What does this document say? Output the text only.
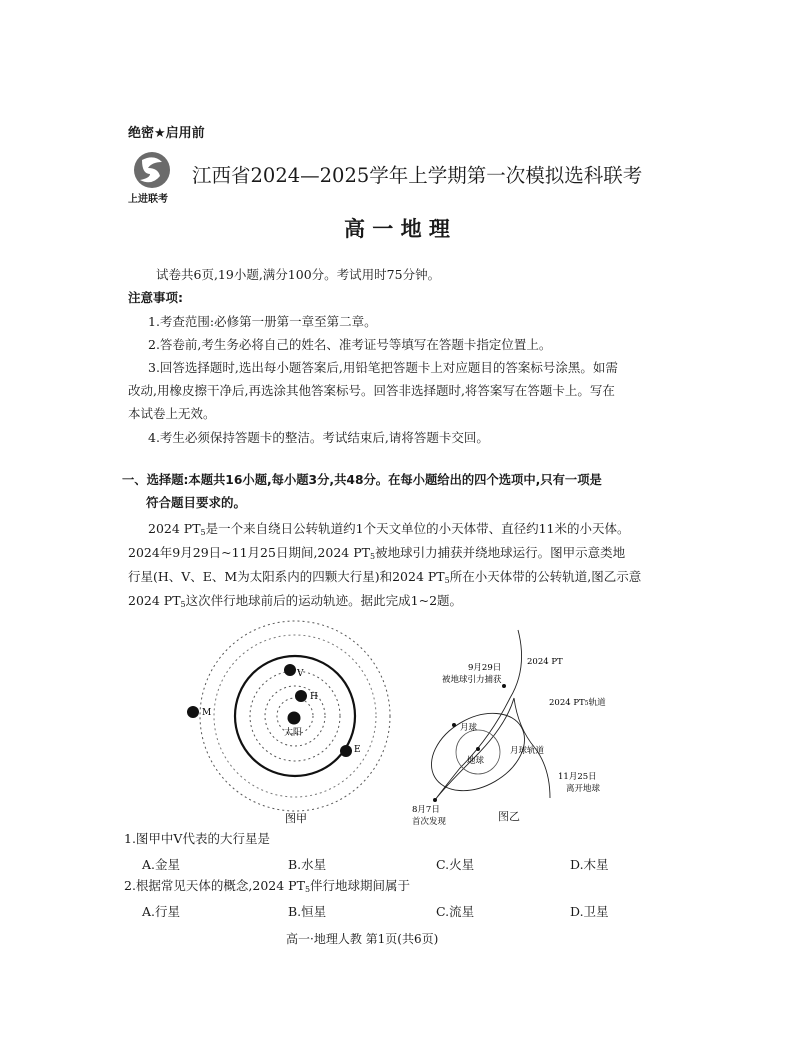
绝密★启用前
上进联考
江西省2024—2025学年上学期第一次模拟选科联考
高 一 地 理
试卷共6页,19小题,满分100分。考试用时75分钟。
注意事项:
1.考查范围:必修第一册第一章至第二章。
2.答卷前,考生务必将自己的姓名、准考证号等填写在答题卡指定位置上。
3.回答选择题时,选出每小题答案后,用铅笔把答题卡上对应题目的答案标号涂黑。如需
改动,用橡皮擦干净后,再选涂其他答案标号。回答非选择题时,将答案写在答题卡上。写在
本试卷上无效。
4.考生必须保持答题卡的整洁。考试结束后,请将答题卡交回。
一、选择题:本题共16小题,每小题3分,共48分。在每小题给出的四个选项中,只有一项是
符合题目要求的。
2024 $PT_5$是一个来自绕日公转轨道约1个天文单位的小天体带、直径约11米的小天体。
2024年9月29日~11月25日期间,2024 $PT_5$被地球引力捕获并绕地球运行。图甲示意类地
行星(H、V、E、M为太阳系内的四颗大行星)和2024 $PT_5$所在小天体带的公转轨道,图乙示意
2024 $PT_5$这次伴行地球前后的运动轨迹。据此完成1~2题。
太阳
H
V
E
M
图甲
2024 PT
9月29日
被地球引力捕获
2024 PT5轨道
月球
地球
月球轨道
11月25日
离开地球
8月7日
首次发现	图乙
1.图甲中V代表的大行星是
A.金星	B.水星	C.火星	D.木星
2.根据常见天体的概念,2024 $PT_5$伴行地球期间属于
A.行星	B.恒星	C.流星	D.卫星
高一·地理人教 第1页(共6页)
